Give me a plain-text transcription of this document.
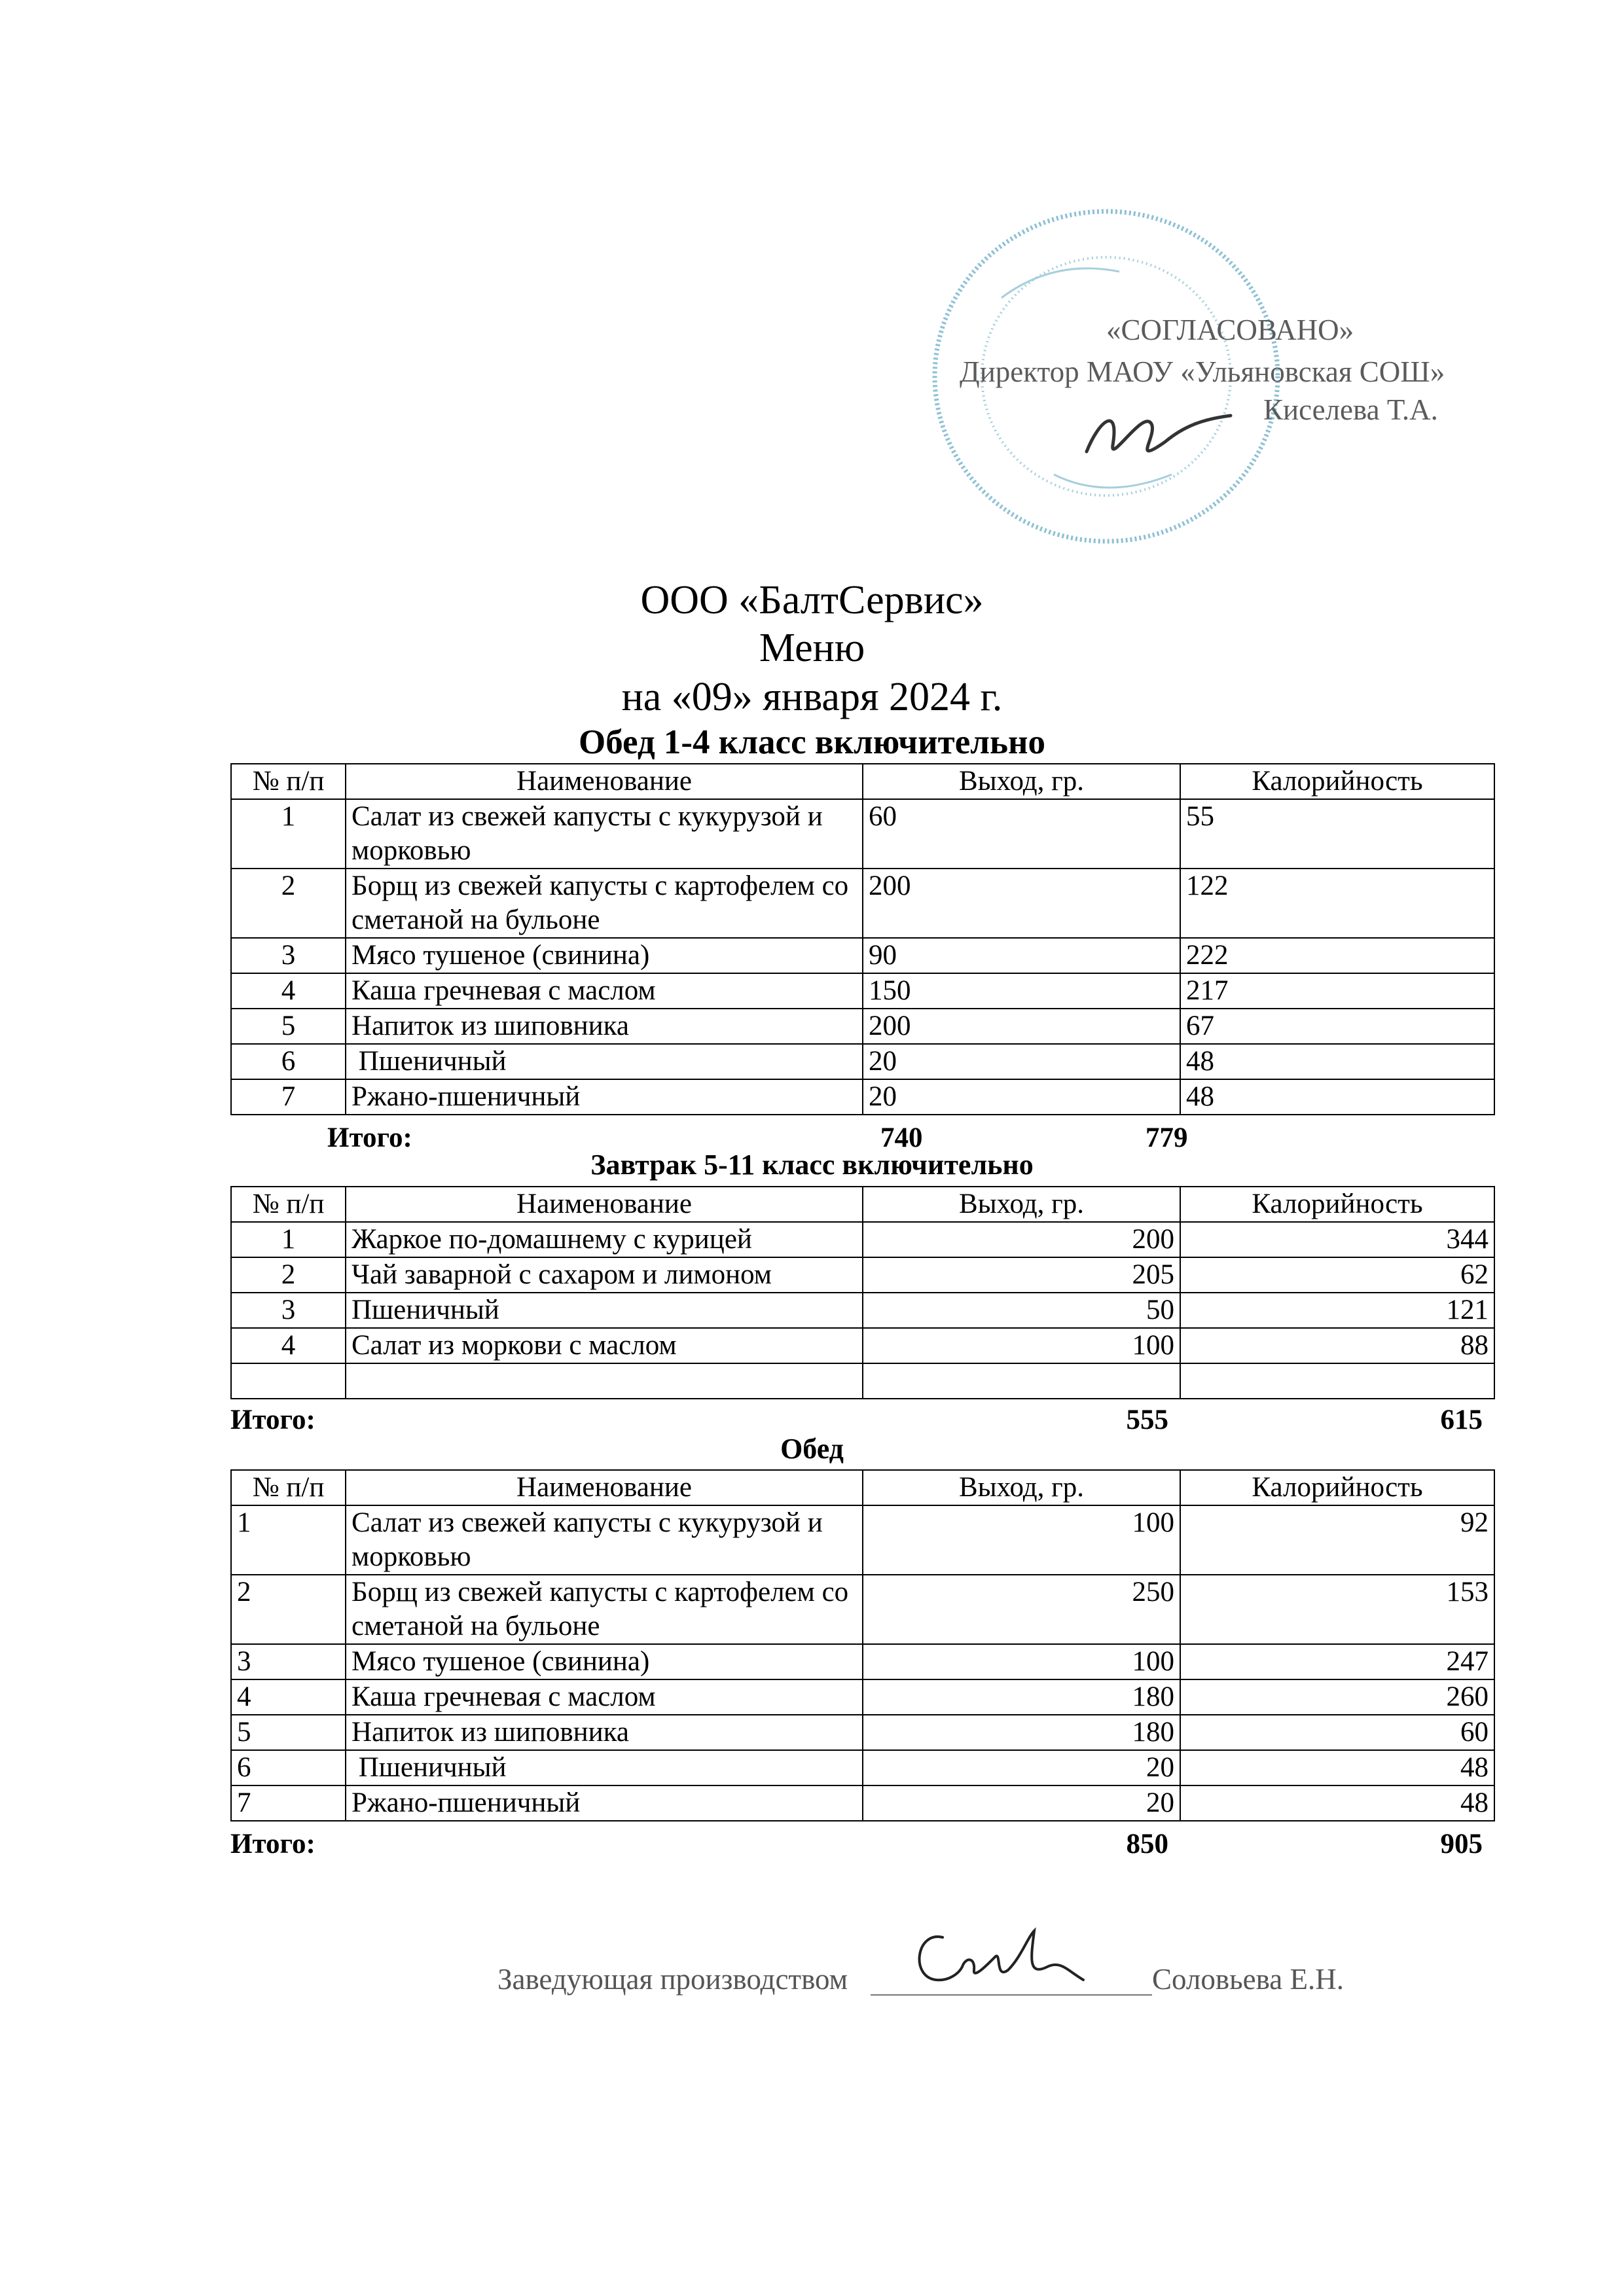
«СОГЛАСОВАНО»
Директор МАОУ «Ульяновская СОШ»
Киселева Т.А.
ООО «БалтСервис»
Меню
на «09» января 2024 г.
Обед 1-4 класс включительно
№ п/п	Наименование	Выход, гр.	Калорийность
1	Салат из свежей капусты с кукурузой и морковью	60	55
2	Борщ из свежей капусты с картофелем со сметаной на бульоне	200	122
3	Мясо тушеное (свинина)	90	222
4	Каша гречневая с маслом	150	217
5	Напиток из шиповника	200	67
6	Пшеничный	20	48
7	Ржано-пшеничный	20	48
Итого:	740	779
Завтрак 5-11 класс включительно
№ п/п	Наименование	Выход, гр.	Калорийность
1	Жаркое по-домашнему с курицей	200	344
2	Чай заварной с сахаром и лимоном	205	62
3	Пшеничный	50	121
4	Салат из моркови с маслом	100	88

Итого:	555	615
Обед
№ п/п	Наименование	Выход, гр.	Калорийность
1	Салат из свежей капусты с кукурузой и морковью	100	92
2	Борщ из свежей капусты с картофелем со сметаной на бульоне	250	153
3	Мясо тушеное (свинина)	100	247
4	Каша гречневая с маслом	180	260
5	Напиток из шиповника	180	60
6	Пшеничный	20	48
7	Ржано-пшеничный	20	48
Итого:	850	905
Заведующая производством	Соловьева Е.Н.
